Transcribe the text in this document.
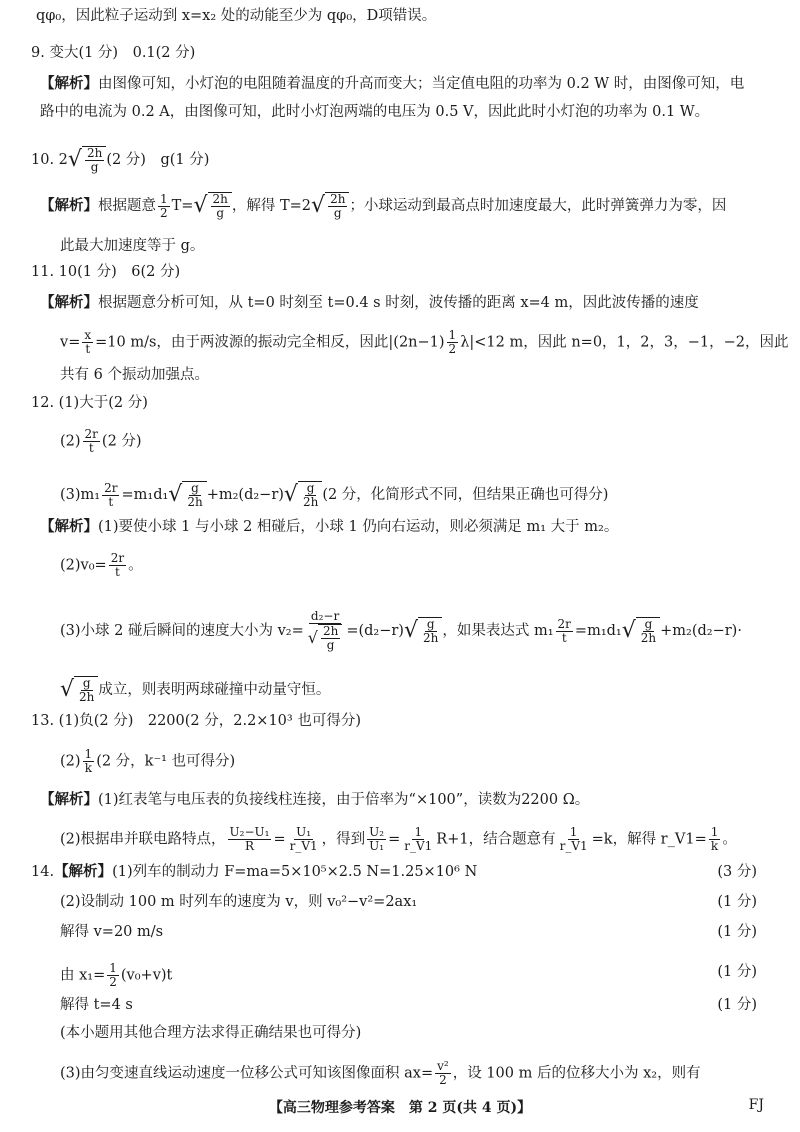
qφ₀，因此粒子运动到 x=x₂ 处的动能至少为 qφ₀，D项错误。
9. 变大(1 分)　0.1(2 分)
【解析】由图像可知，小灯泡的电阻随着温度的升高而变大；当定值电阻的功率为 0.2 W 时，由图像可知，电
路中的电流为 0.2 A，由图像可知，此时小灯泡两端的电压为 0.5 V，因此此时小灯泡的功率为 0.1 W。
10. 2 √ $\frac{2h}{g} (2$ 分)　g(1 分)
【解析】根据题意 $\frac{1}{2} T=$ √ $\frac{2h}{g}$ ，解得 T=2 √ $\frac{2h}{g}$ ；小球运动到最高点时加速度最大，此时弹簧弹力为零，因
此最大加速度等于 g。
11. 10(1 分)　6(2 分)
【解析】根据题意分析可知，从 t=0 时刻至 t=0.4 s 时刻，波传播的距离 x=4 m，因此波传播的速度
$v= \frac{x}{t} =10$ m/s，由于两波源的振动完全相反，因此$|(2n-1) \frac{1}{2} \lambda|<12$ m，因此 n=0，1，2，3，−1，−2，因此
共有 6 个振动加强点。
12. (1)大于(2 分)
$(2) \frac{2r}{t} (2$ 分)
$(3)m_1 \frac{2r}{t} =m_1d_1$ √ $\frac{g}{2h} +m_2(d_2-r)$ √ $\frac{g}{2h} (2$ 分，化简形式不同，但结果正确也可得分)
【解析】(1)要使小球 1 与小球 2 相碰后，小球 1 仍向右运动，则必须满足 m₁ 大于 m₂。
$(2)v_0= \frac{2r}{t}$ 。
(3)小球 2 碰后瞬间的速度大小为 $v_2= \frac{\text{d₂−r}}{√ \frac{2h}{g}} =(d_2-r)$ √ $\frac{g}{2h}$ ，如果表达式 $m_1 \frac{2r}{t} =m_1d_1$ √ $\frac{g}{2h} +m_2(d_2-r)\cdot$
√ $\frac{g}{2h}$ 成立，则表明两球碰撞中动量守恒。
13. (1)负(2 分)　2200(2 分，2.2×10³ 也可得分)
$(2) \frac{1}{k} (2$ 分，k⁻¹ 也可得分)
【解析】(1)红表笔与电压表的负接线柱连接，由于倍率为“×100”，读数为2200 Ω。
(2)根据串并联电路特点， $\frac{\text{U₂−U₁}}{R} = \frac{\text{U₁}}{r\_V1}$ ，得到 $\frac{\text{U₂}}{\text{U₁}} = \frac{1}{r\_V1} R+1$，结合题意有 $\frac{1}{r\_V1} =k$，解得 r_V1= $\frac{1}{k}$ 。
14.【解析】(1)列车的制动力 F=ma=5×10⁵×2.5 N=1.25×10⁶ N	(3 分)
(2)设制动 100 m 时列车的速度为 v，则 v₀²−v²=2ax₁	(1 分)
解得 v=20 m/s	(1 分)
由 $x_1= \frac{1}{2} (v_0+v)t$	(1 分)
解得 t=4 s	(1 分)
(本小题用其他合理方法求得正确结果也可得分)
(3)由匀变速直线运动速度一位移公式可知该图像面积 $ax= \frac{\text{v²}}{2}$ ，设 100 m 后的位移大小为 x₂，则有
【高三物理参考答案　第 2 页(共 4 页)】	FJ
